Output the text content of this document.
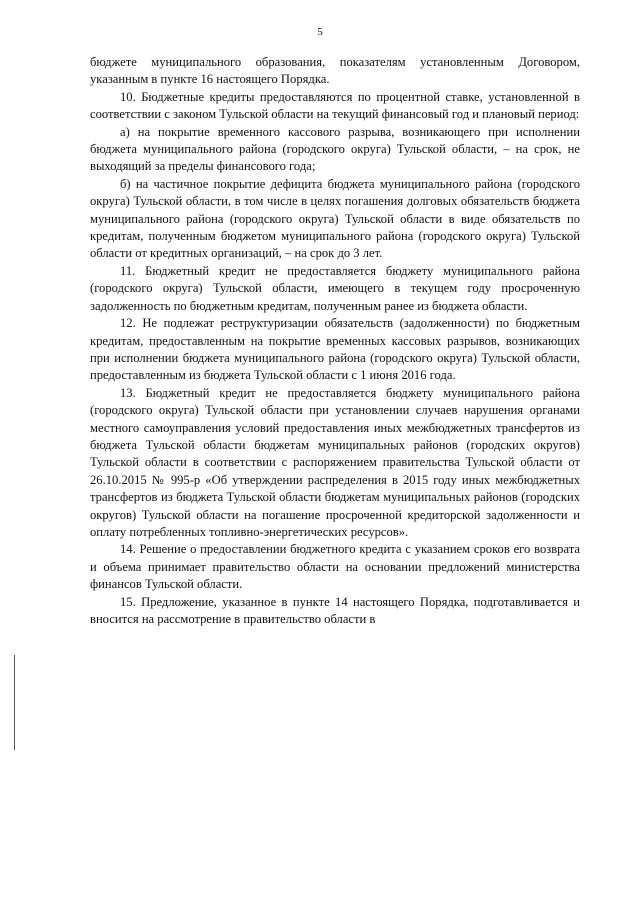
5

бюджете муниципального образования, показателям установленным Договором, указанным в пункте 16 настоящего Порядка.

10. Бюджетные кредиты предоставляются по процентной ставке, установленной в соответствии с законом Тульской области на текущий финансовый год и плановый период:

а) на покрытие временного кассового разрыва, возникающего при исполнении бюджета муниципального района (городского округа) Тульской области, – на срок, не выходящий за пределы финансового года;

б) на частичное покрытие дефицита бюджета муниципального района (городского округа) Тульской области, в том числе в целях погашения долговых обязательств бюджета муниципального района (городского округа) Тульской области в виде обязательств по кредитам, полученным бюджетом муниципального района (городского округа) Тульской области от кредитных организаций, – на срок до 3 лет.

11. Бюджетный кредит не предоставляется бюджету муниципального района (городского округа) Тульской области, имеющего в текущем году просроченную задолженность по бюджетным кредитам, полученным ранее из бюджета области.

12. Не подлежат реструктуризации обязательств (задолженности) по бюджетным кредитам, предоставленным на покрытие временных кассовых разрывов, возникающих при исполнении бюджета муниципального района (городского округа) Тульской области, предоставленным из бюджета Тульской области с 1 июня 2016 года.

13. Бюджетный кредит не предоставляется бюджету муниципального района (городского округа) Тульской области при установлении случаев нарушения органами местного самоуправления условий предоставления иных межбюджетных трансфертов из бюджета Тульской области бюджетам муниципальных районов (городских округов) Тульской области в соответствии с распоряжением правительства Тульской области от 26.10.2015 № 995-р «Об утверждении распределения в 2015 году иных межбюджетных трансфертов из бюджета Тульской области бюджетам муниципальных районов (городских округов) Тульской области на погашение просроченной кредиторской задолженности и оплату потребленных топливно-энергетических ресурсов».

14. Решение о предоставлении бюджетного кредита с указанием сроков его возврата и объема принимает правительство области на основании предложений министерства финансов Тульской области.

15. Предложение, указанное в пункте 14 настоящего Порядка, подготавливается и вносится на рассмотрение в правительство области в
